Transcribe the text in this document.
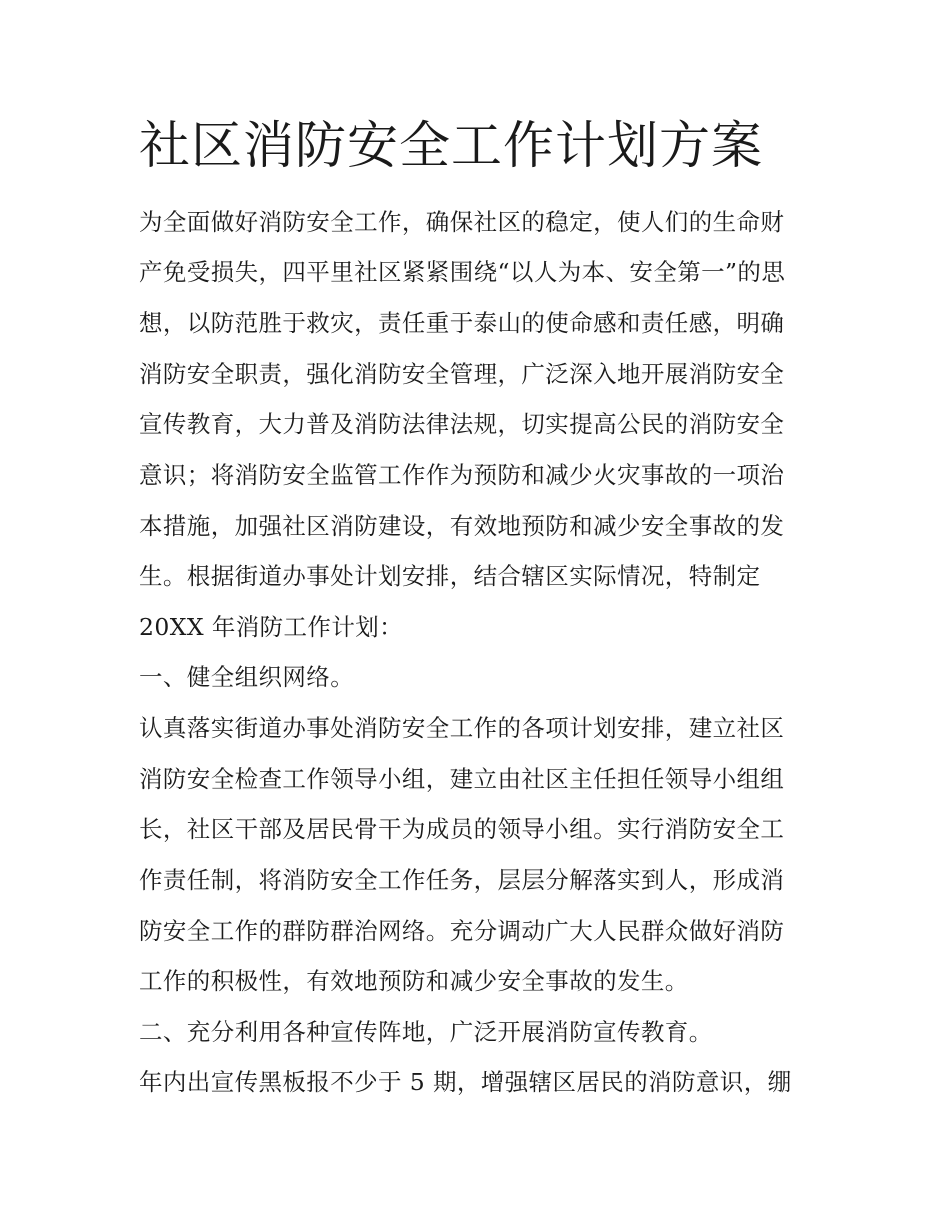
社区消防安全工作计划方案

为全面做好消防安全工作，确保社区的稳定，使人们的生命财

产免受损失，四平里社区紧紧围绕“以人为本、安全第一”的思

想，以防范胜于救灾，责任重于泰山的使命感和责任感，明确

消防安全职责，强化消防安全管理，广泛深入地开展消防安全

宣传教育，大力普及消防法律法规，切实提高公民的消防安全

意识；将消防安全监管工作作为预防和减少火灾事故的一项治

本措施，加强社区消防建设，有效地预防和减少安全事故的发

生。根据街道办事处计划安排，结合辖区实际情况，特制定

20XX 年消防工作计划：

一、健全组织网络。

认真落实街道办事处消防安全工作的各项计划安排，建立社区

消防安全检查工作领导小组，建立由社区主任担任领导小组组

长，社区干部及居民骨干为成员的领导小组。实行消防安全工

作责任制，将消防安全工作任务，层层分解落实到人，形成消

防安全工作的群防群治网络。充分调动广大人民群众做好消防

工作的积极性，有效地预防和减少安全事故的发生。

二、充分利用各种宣传阵地，广泛开展消防宣传教育。

年内出宣传黑板报不少于 5 期，增强辖区居民的消防意识，绷
